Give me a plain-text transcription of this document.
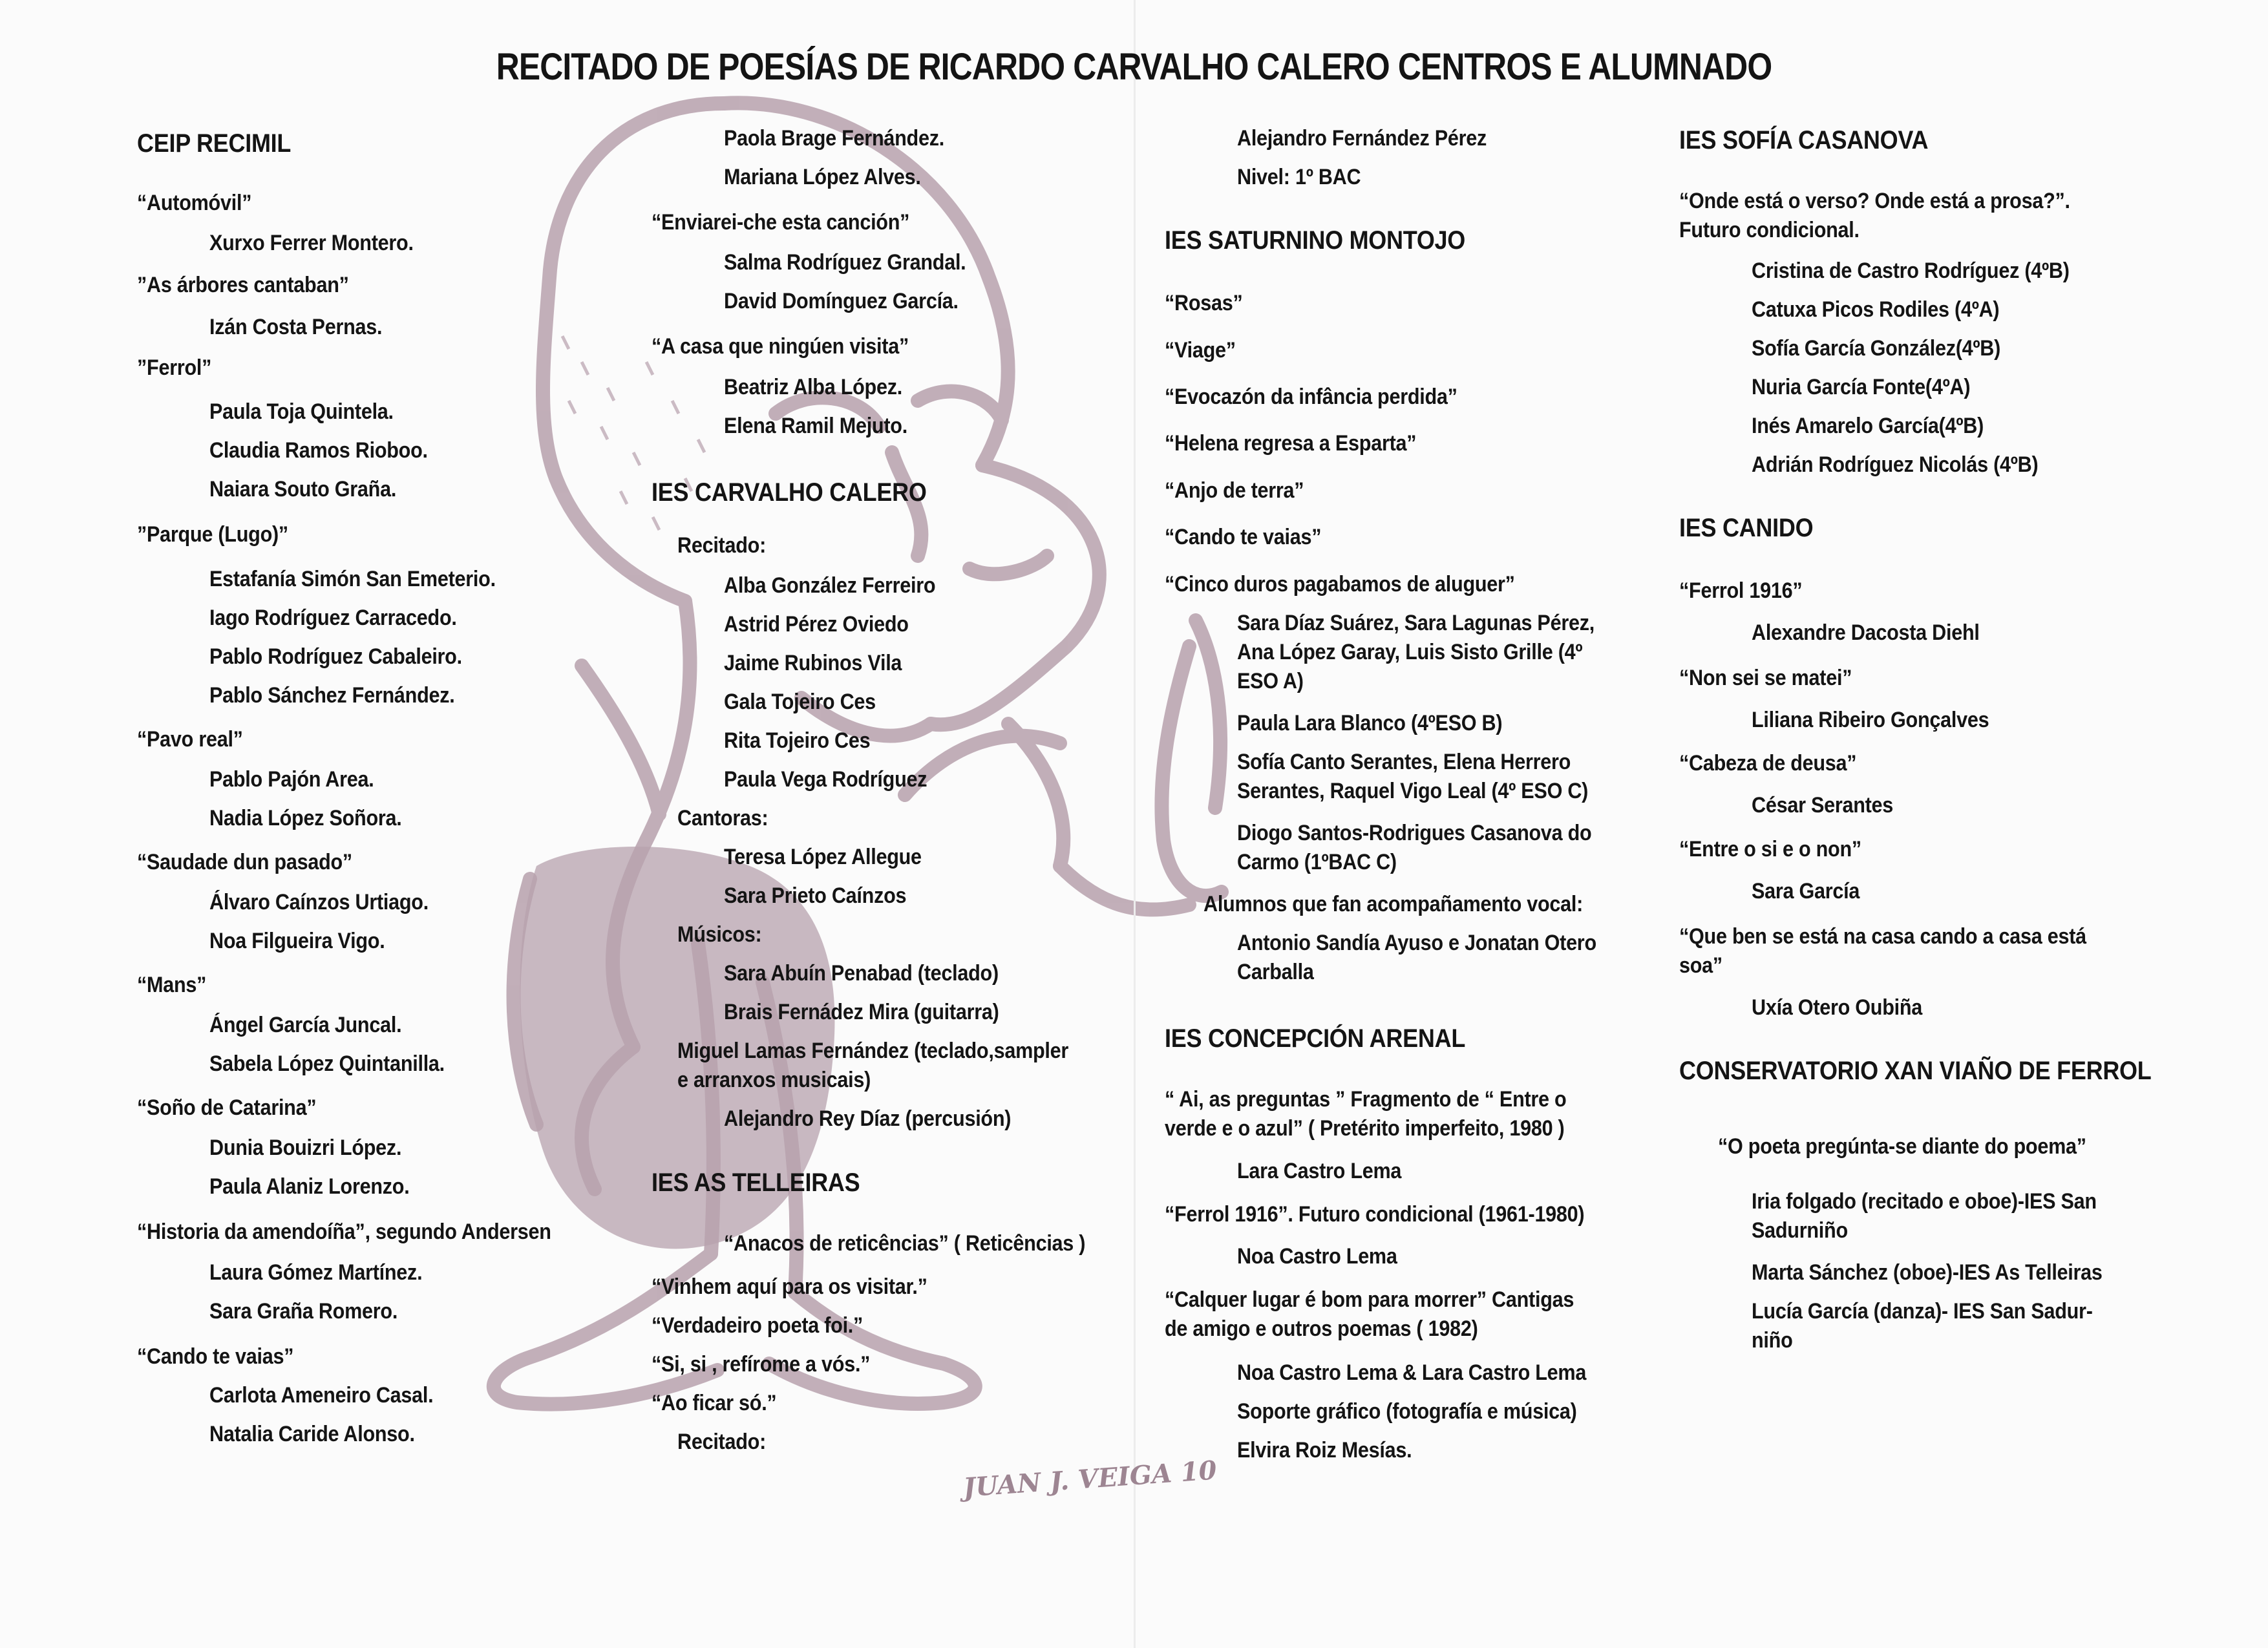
RECITADO DE POESÍAS DE RICARDO CARVALHO CALERO CENTROS E ALUMNADO
CEIP RECIMIL
“Automóvil”
Xurxo Ferrer Montero.
”As árbores cantaban”
Izán Costa Pernas.
”Ferrol”
Paula Toja Quintela.
Claudia Ramos Rioboo.
Naiara Souto Graña.
”Parque (Lugo)”
Estafanía Simón San Emeterio.
Iago Rodríguez Carracedo.
Pablo Rodríguez Cabaleiro.
Pablo Sánchez Fernández.
“Pavo real”
Pablo Pajón Area.
Nadia López Soñora.
“Saudade dun pasado”
Álvaro Caínzos Urtiago.
Noa Filgueira Vigo.
“Mans”
Ángel García Juncal.
Sabela López Quintanilla.
“Soño de Catarina”
Dunia Bouizri López.
Paula Alaniz Lorenzo.
“Historia da amendoíña”, segundo Andersen
Laura Gómez Martínez.
Sara Graña Romero.
“Cando te vaias”
Carlota Ameneiro Casal.
Natalia Caride Alonso.
Paola Brage Fernández.
Mariana López Alves.
“Enviarei-che esta canción”
Salma Rodríguez Grandal.
David Domínguez García.
“A casa que ningúen visita”
Beatriz Alba López.
Elena Ramil Mejuto.
IES CARVALHO CALERO
Recitado:
Alba González Ferreiro
Astrid Pérez Oviedo
Jaime Rubinos Vila
Gala Tojeiro Ces
Rita Tojeiro Ces
Paula Vega Rodríguez
Cantoras:
Teresa López Allegue
Sara Prieto Caínzos
Músicos:
Sara Abuín Penabad (teclado)
Brais Fernádez Mira (guitarra)
Miguel Lamas Fernández (teclado,sampler
e arranxos musicais)
Alejandro Rey Díaz (percusión)
IES AS TELLEIRAS
“Anacos de reticências” ( Reticências )
“Vinhem aquí para os visitar.”
“Verdadeiro poeta foi.”
“Si, si , refírome a vós.”
“Ao ficar só.”
Recitado:
Alejandro Fernández Pérez
Nivel: 1º BAC
IES SATURNINO MONTOJO
“Rosas”
“Viage”
“Evocazón da infância perdida”
“Helena regresa a Esparta”
“Anjo de terra”
“Cando te vaias”
“Cinco duros pagabamos de aluguer”
Sara Díaz Suárez, Sara Lagunas Pérez,
Ana López Garay, Luis Sisto Grille (4º
ESO A)
Paula Lara Blanco (4ºESO B)
Sofía Canto Serantes, Elena Herrero
Serantes, Raquel Vigo Leal (4º ESO C)
Diogo Santos-Rodrigues Casanova do
Carmo (1ºBAC C)
Alumnos que fan acompañamento vocal:
Antonio Sandía Ayuso e Jonatan Otero
Carballa
IES CONCEPCIÓN ARENAL
“ Ai, as preguntas ” Fragmento de “ Entre o
verde e o azul” ( Pretérito imperfeito, 1980 )
Lara Castro Lema
“Ferrol 1916”. Futuro condicional (1961-1980)
Noa Castro Lema
“Calquer lugar é bom para morrer” Cantigas
de amigo e outros poemas ( 1982)
Noa Castro Lema & Lara Castro Lema
Soporte gráfico (fotografía e música)
Elvira Roiz Mesías.
IES SOFÍA CASANOVA
“Onde está o verso? Onde está a prosa?”.
Futuro condicional.
Cristina de Castro Rodríguez (4ºB)
Catuxa Picos Rodiles (4ºA)
Sofía García González(4ºB)
Nuria García Fonte(4ºA)
Inés Amarelo García(4ºB)
Adrián Rodríguez Nicolás (4ºB)
IES CANIDO
“Ferrol 1916”
Alexandre Dacosta Diehl
“Non sei se matei”
Liliana Ribeiro Gonçalves
“Cabeza de deusa”
César Serantes
“Entre o si e o non”
Sara García
“Que ben se está na casa cando a casa está
soa”
Uxía Otero Oubiña
CONSERVATORIO XAN VIAÑO DE FERROL
“O poeta pregúnta-se diante do poema”
Iria folgado (recitado e oboe)-IES San
Sadurniño
Marta Sánchez (oboe)-IES As Telleiras
Lucía García (danza)- IES San Sadur-
niño
JUAN J. VEIGA 10
